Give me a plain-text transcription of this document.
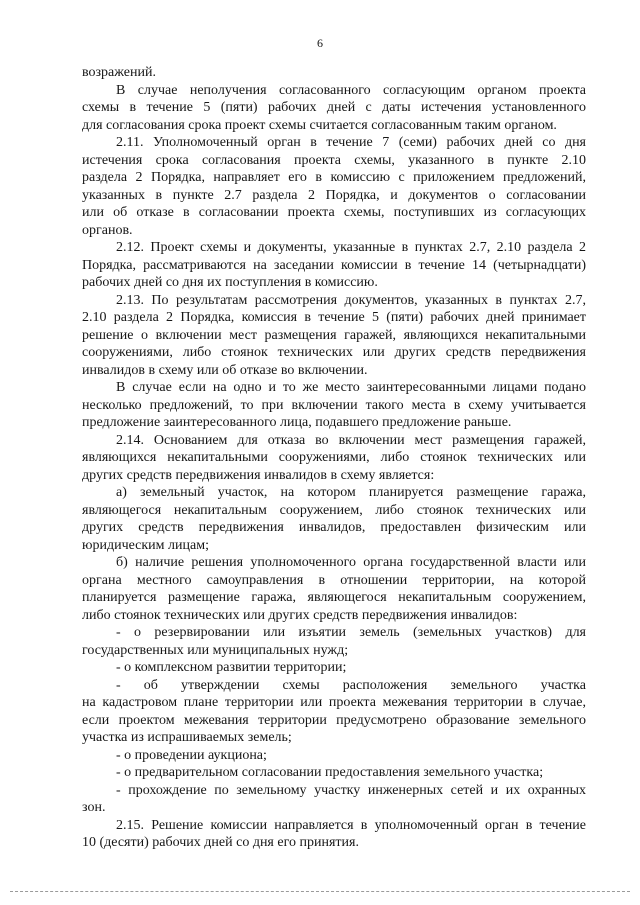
6
возражений.
В случае неполучения согласованного согласующим органом проекта
схемы в течение 5 (пяти) рабочих дней с даты истечения установленного
для согласования срока проект схемы считается согласованным таким органом.
2.11. Уполномоченный орган в течение 7 (семи) рабочих дней со дня
истечения срока согласования проекта схемы, указанного в пункте 2.10
раздела 2 Порядка, направляет его в комиссию с приложением предложений,
указанных в пункте 2.7 раздела 2 Порядка, и документов о согласовании
или об отказе в согласовании проекта схемы, поступивших из согласующих
органов.
2.12. Проект схемы и документы, указанные в пунктах 2.7, 2.10 раздела 2
Порядка, рассматриваются на заседании комиссии в течение 14 (четырнадцати)
рабочих дней со дня их поступления в комиссию.
2.13. По результатам рассмотрения документов, указанных в пунктах 2.7,
2.10 раздела 2 Порядка, комиссия в течение 5 (пяти) рабочих дней принимает
решение о включении мест размещения гаражей, являющихся некапитальными
сооружениями, либо стоянок технических или других средств передвижения
инвалидов в схему или об отказе во включении.
В случае если на одно и то же место заинтересованными лицами подано
несколько предложений, то при включении такого места в схему учитывается
предложение заинтересованного лица, подавшего предложение раньше.
2.14. Основанием для отказа во включении мест размещения гаражей,
являющихся некапитальными сооружениями, либо стоянок технических или
других средств передвижения инвалидов в схему является:
а) земельный участок, на котором планируется размещение гаража,
являющегося некапитальным сооружением, либо стоянок технических или
других средств передвижения инвалидов, предоставлен физическим или
юридическим лицам;
б) наличие решения уполномоченного органа государственной власти или
органа местного самоуправления в отношении территории, на которой
планируется размещение гаража, являющегося некапитальным сооружением,
либо стоянок технических или других средств передвижения инвалидов:
- о резервировании или изъятии земель (земельных участков) для
государственных или муниципальных нужд;
- о комплексном развитии территории;
- об утверждении схемы расположения земельного участка
на кадастровом плане территории или проекта межевания территории в случае,
если проектом межевания территории предусмотрено образование земельного
участка из испрашиваемых земель;
- о проведении аукциона;
- о предварительном согласовании предоставления земельного участка;
- прохождение по земельному участку инженерных сетей и их охранных
зон.
2.15. Решение комиссии направляется в уполномоченный орган в течение
10 (десяти) рабочих дней со дня его принятия.
